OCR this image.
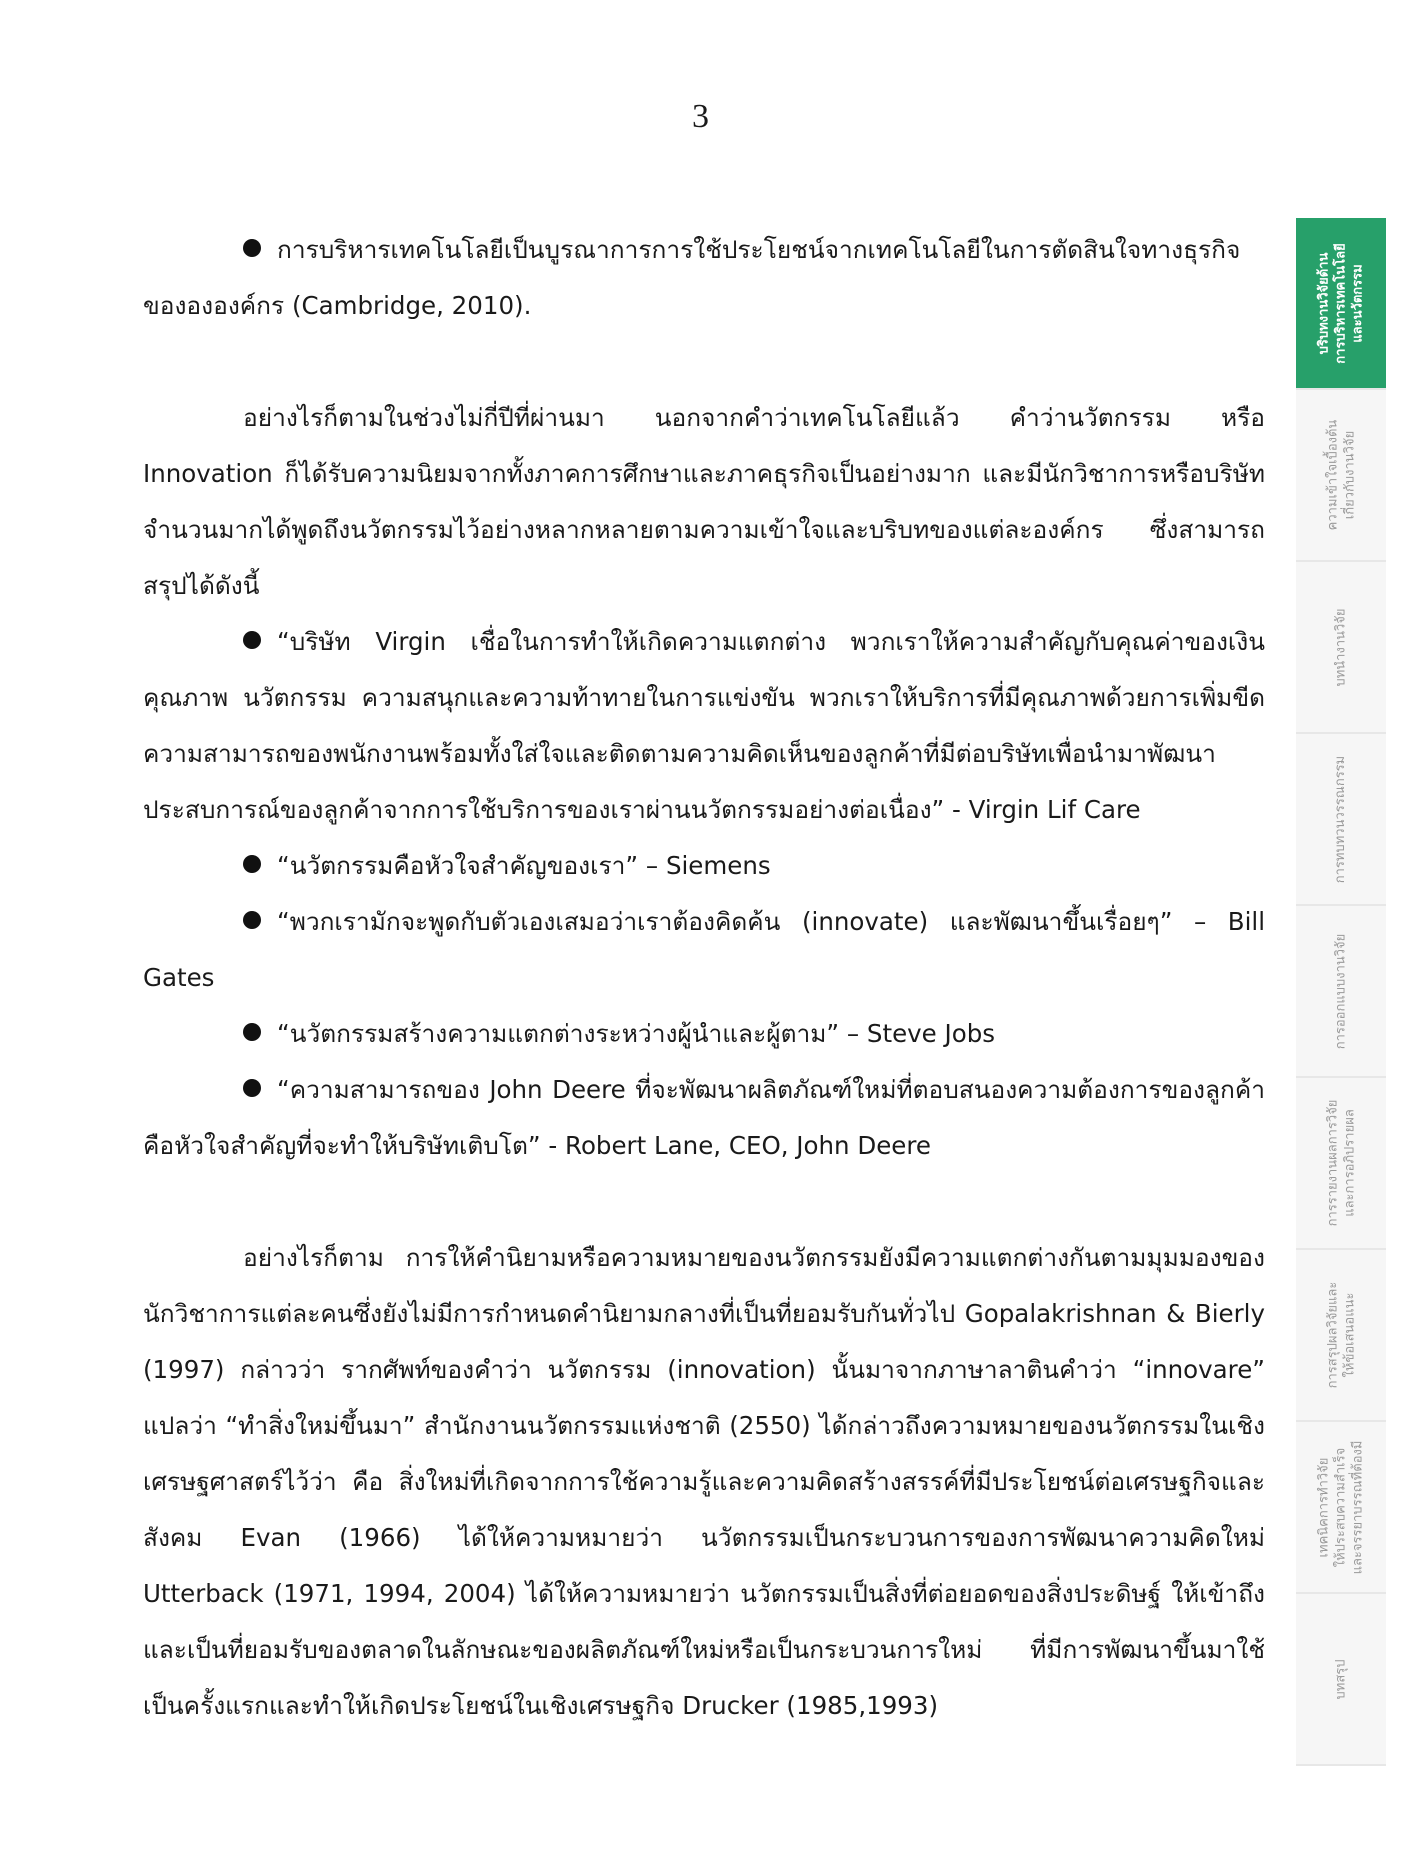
3
การบริหารเทคโนโลยีเป็นบูรณาการการใช้ประโยชน์จากเทคโนโลยีในการตัดสินใจทางธุรกิจของององค์กร (Cambridge, 2010).
อย่างไรก็ตามในช่วงไม่กี่ปีที่ผ่านมา นอกจากคำว่าเทคโนโลยีแล้ว คำว่านวัตกรรม หรือ Innovation ก็ได้รับความนิยมจากทั้งภาคการศึกษาและภาคธุรกิจเป็นอย่างมาก และมีนักวิชาการหรือบริษัทจำนวนมากได้พูดถึงนวัตกรรมไว้อย่างหลากหลายตามความเข้าใจและบริบทของแต่ละองค์กร ซึ่งสามารถสรุปได้ดังนี้
“บริษัท Virgin เชื่อในการทำให้เกิดความแตกต่าง พวกเราให้ความสำคัญกับคุณค่าของเงิน คุณภาพ นวัตกรรม ความสนุกและความท้าทายในการแข่งขัน พวกเราให้บริการที่มีคุณภาพด้วยการเพิ่มขีดความสามารถของพนักงานพร้อมทั้งใส่ใจและติดตามความคิดเห็นของลูกค้าที่มีต่อบริษัทเพื่อนำมาพัฒนาประสบการณ์ของลูกค้าจากการใช้บริการของเราผ่านนวัตกรรมอย่างต่อเนื่อง” - Virgin Lif Care
“นวัตกรรมคือหัวใจสำคัญของเรา” – Siemens
“พวกเรามักจะพูดกับตัวเองเสมอว่าเราต้องคิดค้น (innovate) และพัฒนาขึ้นเรื่อยๆ” – Bill Gates
“นวัตกรรมสร้างความแตกต่างระหว่างผู้นำและผู้ตาม” – Steve Jobs
“ความสามารถของ John Deere ที่จะพัฒนาผลิตภัณฑ์ใหม่ที่ตอบสนองความต้องการของลูกค้าคือหัวใจสำคัญที่จะทำให้บริษัทเติบโต” - Robert Lane, CEO, John Deere
อย่างไรก็ตาม การให้คำนิยามหรือความหมายของนวัตกรรมยังมีความแตกต่างกันตามมุมมองของนักวิชาการแต่ละคนซึ่งยังไม่มีการกำหนดคำนิยามกลางที่เป็นที่ยอมรับกันทั่วไป Gopalakrishnan & Bierly (1997) กล่าวว่า รากศัพท์ของคำว่า นวัตกรรม (innovation) นั้นมาจากภาษาลาตินคำว่า “innovare” แปลว่า “ทำสิ่งใหม่ขึ้นมา” สำนักงานนวัตกรรมแห่งชาติ (2550) ได้กล่าวถึงความหมายของนวัตกรรมในเชิง เศรษฐศาสตร์ไว้ว่า คือ สิ่งใหม่ที่เกิดจากการใช้ความรู้และความคิดสร้างสรรค์ที่มีประโยชน์ต่อเศรษฐกิจและสังคม Evan (1966) ได้ให้ความหมายว่า นวัตกรรมเป็นกระบวนการของการพัฒนาความคิดใหม่ Utterback (1971, 1994, 2004) ได้ให้ความหมายว่า นวัตกรรมเป็นสิ่งที่ต่อยอดของสิ่งประดิษฐ์ ให้เข้าถึงและเป็นที่ยอมรับของตลาดในลักษณะของผลิตภัณฑ์ใหม่หรือเป็นกระบวนการใหม่ ที่มีการพัฒนาขึ้นมาใช้เป็นครั้งแรกและทำให้เกิดประโยชน์ในเชิงเศรษฐกิจ Drucker (1985,1993)
บริบทงานวิจัยด้าน
การบริหารเทคโนโลยี
และนวัตกรรม
ความเข้าใจเบื้องต้น
เกี่ยวกับงานวิจัย
บทนำงานวิจัย
การทบทวนวรรณกรรม
การออกแบบงานวิจัย
การรายงานผลการวิจัย
และการอภิปรายผล
การสรุปผลวิจัยและ
ให้ข้อเสนอแนะ
เทคนิคการทำวิจัย
ให้ประสบความสำเร็จ
และจรรยาบรรณที่ต้องมี
บทสรุป
